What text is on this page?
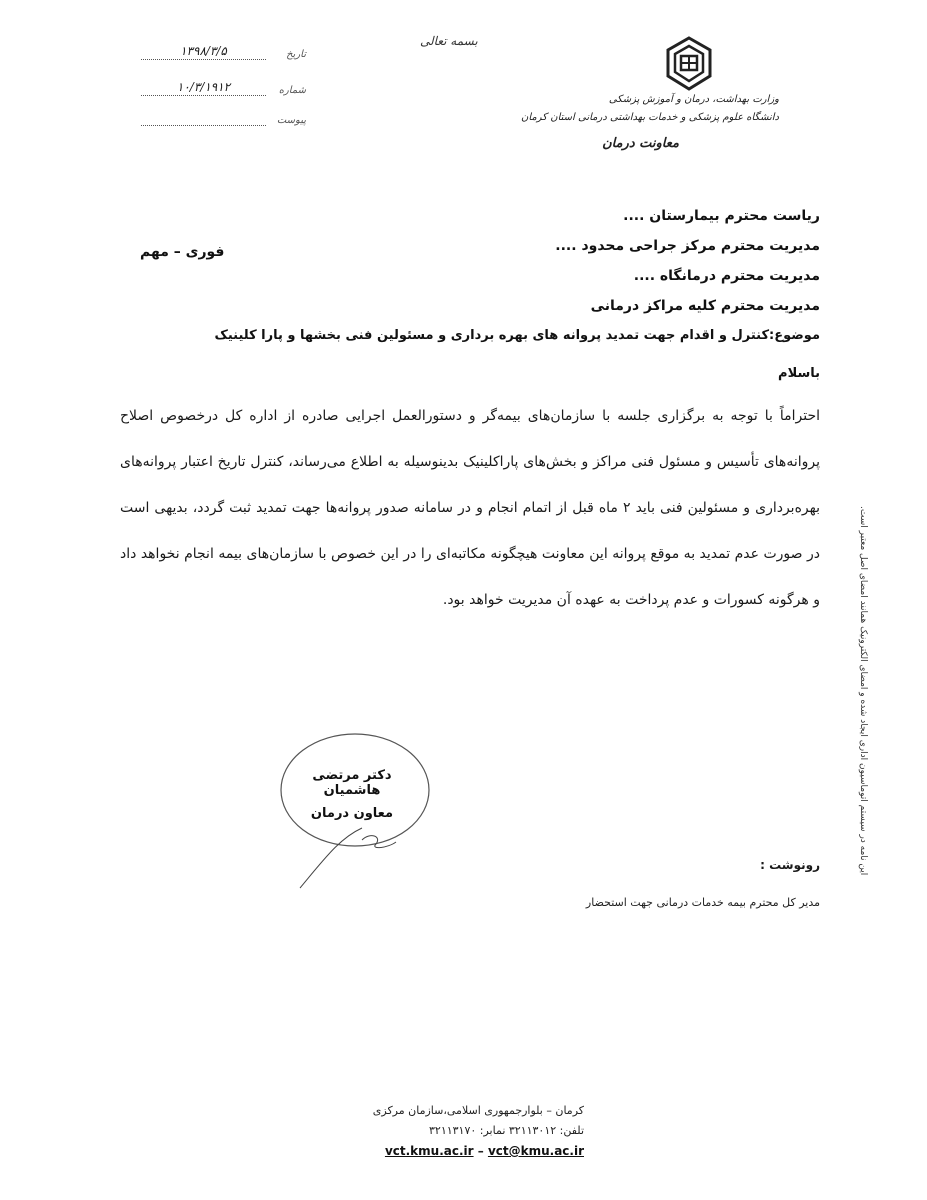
بسمه تعالی
تاریخ
۱۳۹۸/۳/۵
شماره
۱۰/۳/۱۹۱۲
پیوست
وزارت بهداشت، درمان و آموزش پزشکی
دانشگاه علوم پزشکی و خدمات بهداشتی درمانی استان کرمان
معاونت درمان
ریاست محترم بیمارستان ....
مدیریت محترم مرکز جراحی محدود ....
مدیریت محترم درمانگاه ....
مدیریت محترم کلیه مراکز درمانی
فوری – مهم
موضوع:کنترل و اقدام جهت تمدید پروانه های بهره برداری و مسئولین فنی بخشها و پارا کلینیک
باسلام
احتراماً با توجه به برگزاری جلسه با سازمان‌های بیمه‌گر و دستورالعمل اجرایی صادره از اداره کل درخصوص اصلاح پروانه‌های تأسیس و مسئول فنی مراکز و بخش‌های پاراکلینیک بدینوسیله به اطلاع می‌رساند، کنترل تاریخ اعتبار پروانه‌های بهره‌برداری و مسئولین فنی باید ۲ ماه قبل از اتمام انجام و در سامانه صدور پروانه‌ها جهت تمدید ثبت گردد، بدیهی است در صورت عدم تمدید به موقع پروانه این معاونت هیچگونه مکاتبه‌ای را در این خصوص با سازمان‌های بیمه انجام نخواهد داد و هرگونه کسورات و عدم پرداخت به عهده آن مدیریت خواهد بود.
دکتر مرتضی هاشمیان
معاون درمان
رونوشت :
مدیر کل محترم بیمه خدمات درمانی جهت استحضار
این نامه در سیستم اتوماسیون اداری ایجاد شده و امضای الکترونیک همانند امضای اصل معتبر است.
کرمان – بلوارجمهوری اسلامی،سازمان مرکزی
تلفن: ۳۲۱۱۳۰۱۲ نمابر: ۳۲۱۱۳۱۷۰
vct.kmu.ac.ir – vct@kmu.ac.ir
